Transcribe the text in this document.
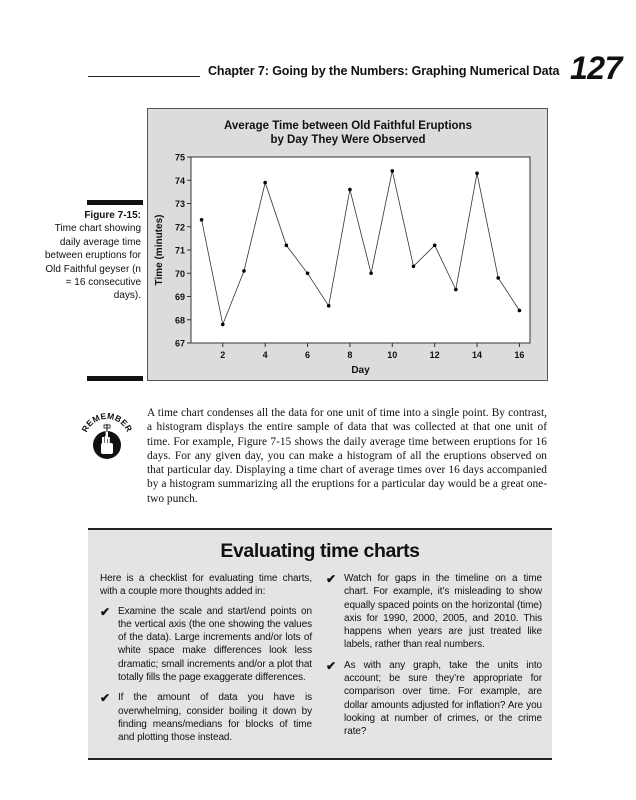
Chapter 7: Going by the Numbers: Graphing Numerical Data 127
Average Time between Old Faithful Eruptions
by Day They Were Observed
67
68
69
70
71
72
73
74
75
2	4	6	8	10	12	14	16
Day
Time (minutes)
Figure 7-15:
Time chart showing daily average time between eruptions for Old Faithful geyser (n = 16 consecutive days).
REMEMBER
A time chart condenses all the data for one unit of time into a single point. By contrast, a histogram displays the entire sample of data that was collected at that one unit of time. For example, Figure 7-15 shows the daily average time between eruptions for 16 days. For any given day, you can make a histogram of all the eruptions observed on that particular day. Displaying a time chart of average times over 16 days accompanied by a histogram summarizing all the eruptions for a particular day would be a great one-two punch.
Evaluating time charts

Here is a checklist for evaluating time charts, with a couple more thoughts added in:

✔ Examine the scale and start/end points on the vertical axis (the one showing the values of the data). Large increments and/or lots of white space make differences look less dramatic; small increments and/or a plot that totally fills the page exaggerate differences.
✔ If the amount of data you have is overwhelming, consider boiling it down by finding means/medians for blocks of time and plotting those instead.
✔ Watch for gaps in the timeline on a time chart. For example, it’s misleading to show equally spaced points on the horizontal (time) axis for 1990, 2000, 2005, and 2010. This happens when years are just treated like labels, rather than real numbers.
✔ As with any graph, take the units into account; be sure they’re appropriate for comparison over time. For example, are dollar amounts adjusted for inflation? Are you looking at number of crimes, or the crime rate?
